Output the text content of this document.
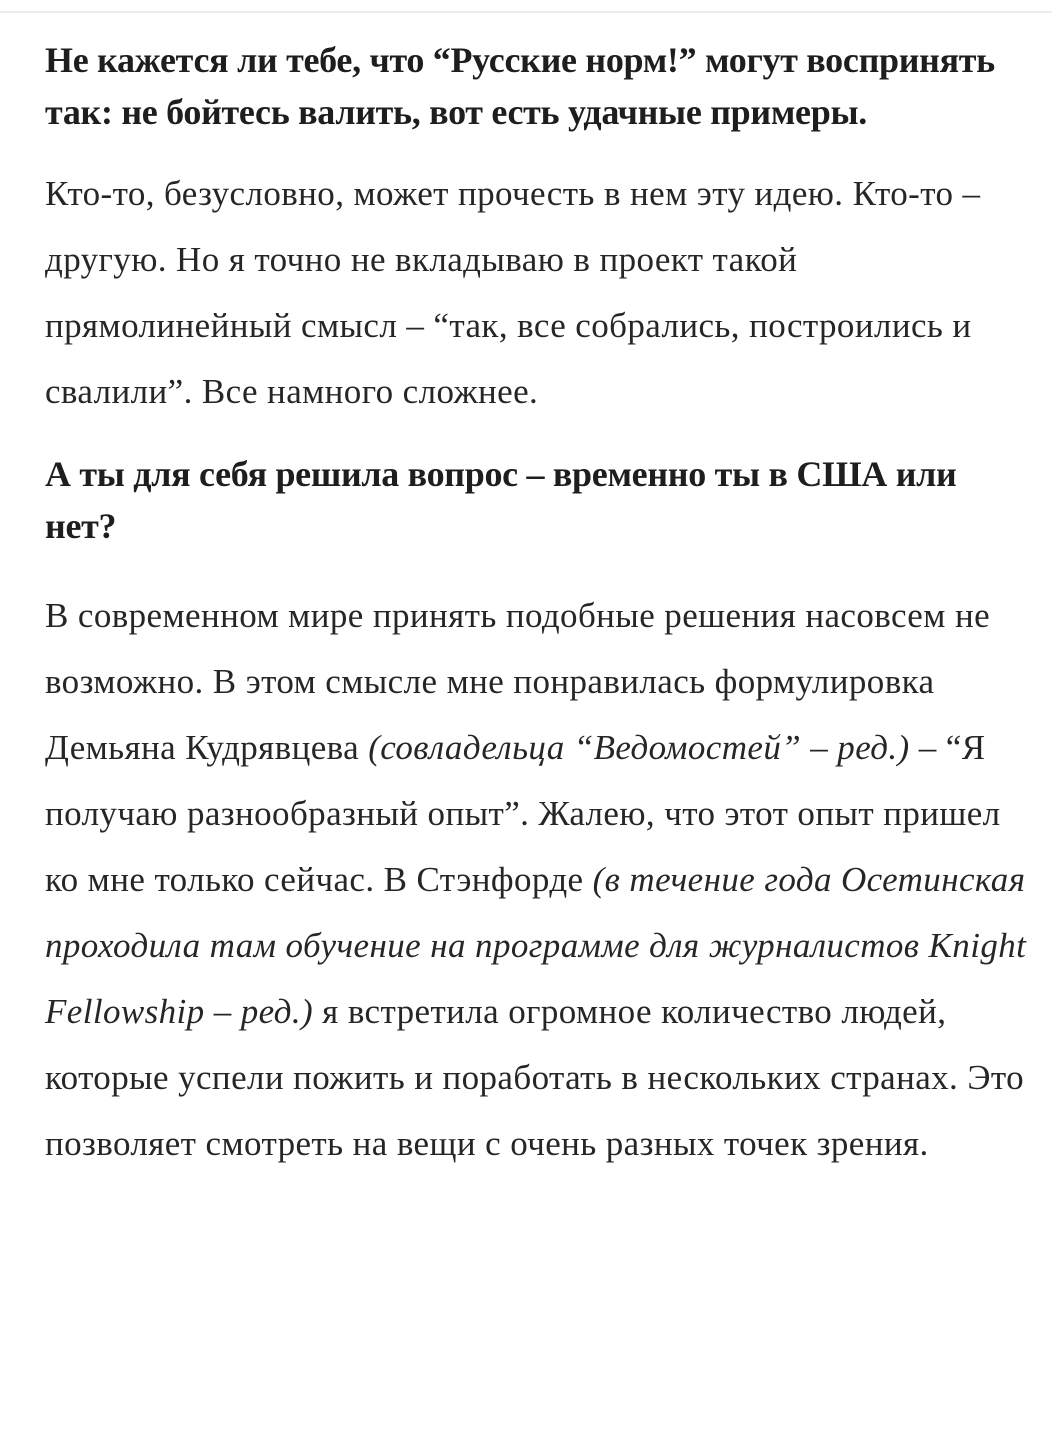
Не кажется ли тебе, что “Русские норм!” могут воспринять так: не бойтесь валить, вот есть удачные примеры.

Кто-то, безусловно, может прочесть в нем эту идею. Кто-то – другую. Но я точно не вкладываю в проект такой прямолинейный смысл – “так, все собрались, построились и свалили”. Все намного сложнее.

А ты для себя решила вопрос – временно ты в США или нет?

В современном мире принять подобные решения насовсем не возможно. В этом смысле мне понравилась формулировка Демьяна Кудрявцева (совладельца “Ведомостей” – ред.) – “Я получаю разнообразный опыт”. Жалею, что этот опыт пришел ко мне только сейчас. В Стэнфорде (в течение года Осетинская проходила там обучение на программе для журналистов Knight Fellowship – ред.) я встретила огромное количество людей, которые успели пожить и поработать в нескольких странах. Это позволяет смотреть на вещи с очень разных точек зрения.
